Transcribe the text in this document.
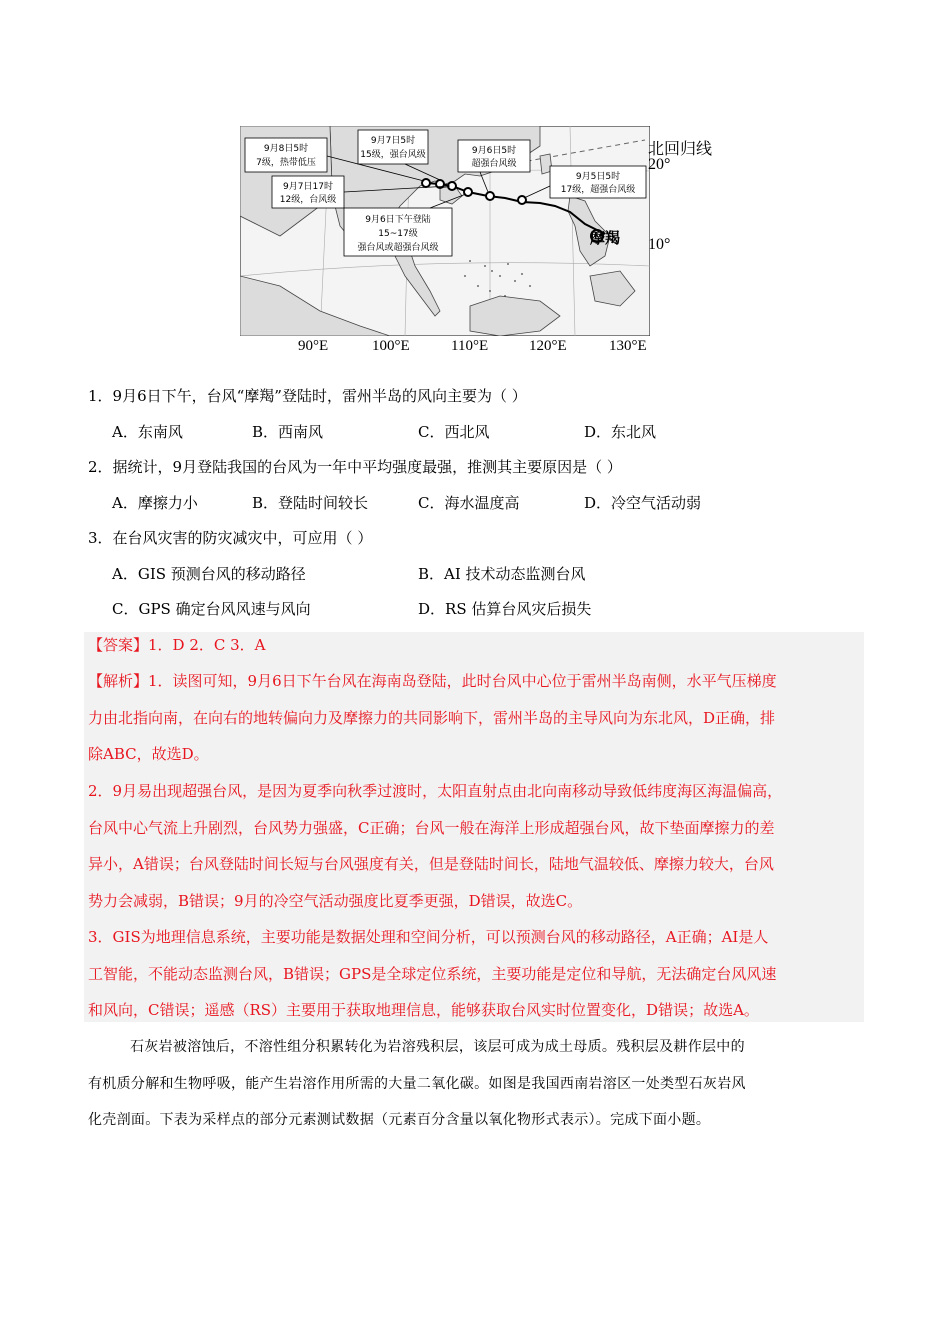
9月8日5时
7级，热带低压
9月7日5时
15级，强台风级	9月6日5时
超强台风级
9月7日17时
12级，台风级
9月6日下午登陆
15~17级
强台风或超强台风级
9月5日5时
17级，超强台风级
摩羯
北回归线
20°
10°
90°E	100°E	110°E	120°E	130°E
1．9月6日下午，台风“摩羯”登陆时，雷州半岛的风向主要为（ ）
A．东南风	B．西南风	C．西北风	D．东北风
2．据统计，9月登陆我国的台风为一年中平均强度最强，推测其主要原因是（ ）
A．摩擦力小	B．登陆时间较长	C．海水温度高	D．冷空气活动弱
3．在台风灾害的防灾减灾中，可应用（ ）
A．GIS 预测台风的移动路径	B．AI 技术动态监测台风
C．GPS 确定台风风速与风向	D．RS 估算台风灾后损失
【答案】1．D 2．C 3．A
【解析】1．读图可知，9月6日下午台风在海南岛登陆，此时台风中心位于雷州半岛南侧，水平气压梯度
力由北指向南，在向右的地转偏向力及摩擦力的共同影响下，雷州半岛的主导风向为东北风，D正确，排
除ABC，故选D。
2．9月易出现超强台风，是因为夏季向秋季过渡时，太阳直射点由北向南移动导致低纬度海区海温偏高，
台风中心气流上升剧烈，台风势力强盛，C正确；台风一般在海洋上形成超强台风，故下垫面摩擦力的差
异小，A错误；台风登陆时间长短与台风强度有关，但是登陆时间长，陆地气温较低、摩擦力较大，台风
势力会减弱，B错误；9月的冷空气活动强度比夏季更强，D错误，故选C。
3．GIS为地理信息系统，主要功能是数据处理和空间分析，可以预测台风的移动路径，A正确；AI是人
工智能，不能动态监测台风，B错误；GPS是全球定位系统，主要功能是定位和导航，无法确定台风风速
和风向，C错误；遥感（RS）主要用于获取地理信息，能够获取台风实时位置变化，D错误；故选A。
石灰岩被溶蚀后，不溶性组分积累转化为岩溶残积层，该层可成为成土母质。残积层及耕作层中的
有机质分解和生物呼吸，能产生岩溶作用所需的大量二氧化碳。如图是我国西南岩溶区一处类型石灰岩风
化壳剖面。下表为采样点的部分元素测试数据（元素百分含量以氧化物形式表示）。完成下面小题。
